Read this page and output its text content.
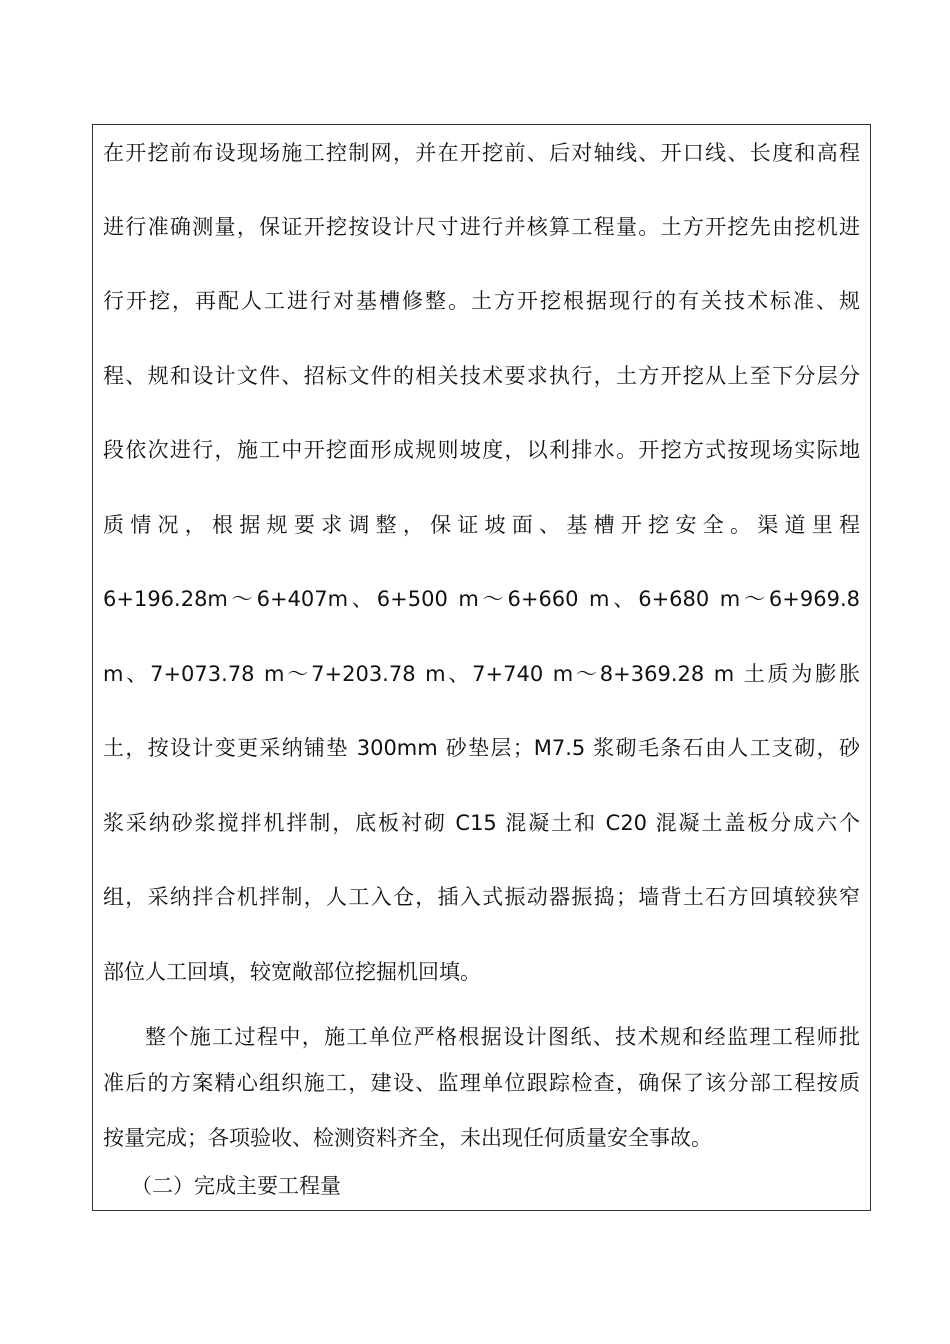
在开挖前布设现场施工控制网，并在开挖前、后对轴线、开口线、长度和高程
进行准确测量，保证开挖按设计尺寸进行并核算工程量。土方开挖先由挖机进
行开挖，再配人工进行对基槽修整。土方开挖根据现行的有关技术标准、规
程、规和设计文件、招标文件的相关技术要求执行，土方开挖从上至下分层分
段依次进行，施工中开挖面形成规则坡度，以利排水。开挖方式按现场实际地
质情况，根据规要求调整，保证坡面、基槽开挖安全。渠道里程
6+196.28m～6+407m、6+500 m～6+660 m、6+680 m～6+969.8
m、7+073.78 m～7+203.78 m、7+740 m～8+369.28 m 土质为膨胀
土，按设计变更采纳铺垫 300mm 砂垫层；M7.5 浆砌毛条石由人工支砌，砂
浆采纳砂浆搅拌机拌制，底板衬砌 C15 混凝土和 C20 混凝土盖板分成六个
组，采纳拌合机拌制，人工入仓，插入式振动器振捣；墙背土石方回填较狭窄
部位人工回填，较宽敞部位挖掘机回填。
整个施工过程中，施工单位严格根据设计图纸、技术规和经监理工程师批
准后的方案精心组织施工，建设、监理单位跟踪检查，确保了该分部工程按质
按量完成；各项验收、检测资料齐全，未出现任何质量安全事故。
（二）完成主要工程量
